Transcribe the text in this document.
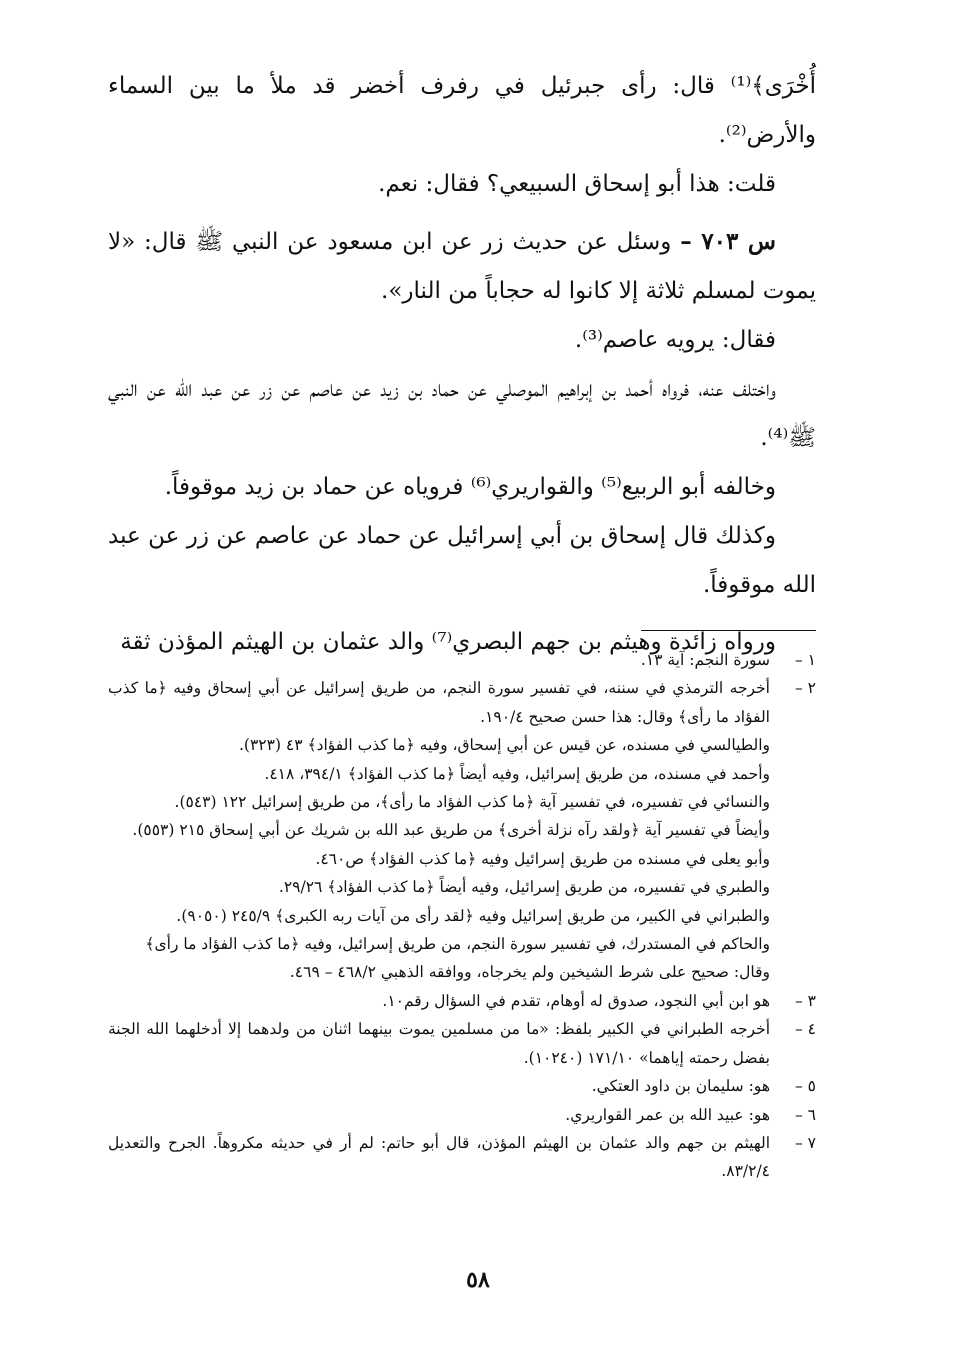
أُخْرَى﴾⁽¹⁾ قال: رأى جبرئيل في رفرف أخضر قد ملأ ما بين السماء والأرض⁽²⁾.

قلت: هذا أبو إسحاق السبيعي؟ فقال: نعم.

س ٧٠٣ – وسئل عن حديث زر عن ابن مسعود عن النبي ﷺ قال: «لا يموت لمسلم ثلاثة إلا كانوا له حجاباً من النار».

فقال: يرويه عاصم⁽³⁾.

واختلف عنه، فرواه أحمد بن إبراهيم الموصلي عن حماد بن زيد عن عاصم عن زر عن عبد الله عن النبي ﷺ⁽⁴⁾.

وخالفه أبو الربيع⁽⁵⁾ والقواريري⁽⁶⁾ فروياه عن حماد بن زيد موقوفاً.

وكذلك قال إسحاق بن أبي إسرائيل عن حماد عن عاصم عن زر عن عبد الله موقوفاً.

ورواه زائدة وهيثم بن جهم البصري⁽⁷⁾ والد عثمان بن الهيثم المؤذن ثقة

١ –
سورة النجم: آية ١٣.
٢ –
أخرجه الترمذي في سننه، في تفسير سورة النجم، من طريق إسرائيل عن أبي إسحاق وفيه ﴿ما كذب الفؤاد ما رأى﴾ وقال: هذا حسن صحيح ١٩٠/٤.
والطيالسي في مسنده، عن قيس عن أبي إسحاق، وفيه ﴿ما كذب الفؤاد﴾ ٤٣ (٣٢٣).
وأحمد في مسنده، من طريق إسرائيل، وفيه أيضاً ﴿ما كذب الفؤاد﴾ ٣٩٤/١، ٤١٨.
والنسائي في تفسيره، في تفسير آية ﴿ما كذب الفؤاد ما رأى﴾، من طريق إسرائيل ١٢٢ (٥٤٣).
وأيضاً في تفسير آية ﴿ولقد رآه نزلة أخرى﴾ من طريق عبد الله بن شريك عن أبي إسحاق ٢١٥ (٥٥٣).
وأبو يعلى في مسنده من طريق إسرائيل وفيه ﴿ما كذب الفؤاد﴾ ص٤٦٠.
والطبري في تفسيره، من طريق إسرائيل، وفيه أيضاً ﴿ما كذب الفؤاد﴾ ٢٩/٢٦.
والطبراني في الكبير، من طريق إسرائيل وفيه ﴿لقد رأى من آيات ربه الكبرى﴾ ٢٤٥/٩ (٩٠٥٠).
والحاكم في المستدرك، في تفسير سورة النجم، من طريق إسرائيل، وفيه ﴿ما كذب الفؤاد ما رأى﴾ وقال: صحيح على شرط الشيخين ولم يخرجاه، ووافقه الذهبي ٤٦٨/٢ – ٤٦٩.
٣ –
هو ابن أبي النجود، صدوق له أوهام، تقدم في السؤال رقم١٠.
٤ –
أخرجه الطبراني في الكبير بلفظ: «ما من مسلمين يموت بينهما اثنان من ولدهما إلا أدخلهما الله الجنة بفضل رحمته إياهما» ١٧١/١٠ (١٠٢٤٠).
٥ –
هو: سليمان بن داود العتكي.
٦ –
هو: عبيد الله بن عمر القواريري.
٧ –
الهيثم بن جهم والد عثمان بن الهيثم المؤذن، قال أبو حاتم: لم أر في حديثه مكروهاً. الجرح والتعديل ٨٣/٢/٤.
٥٨
